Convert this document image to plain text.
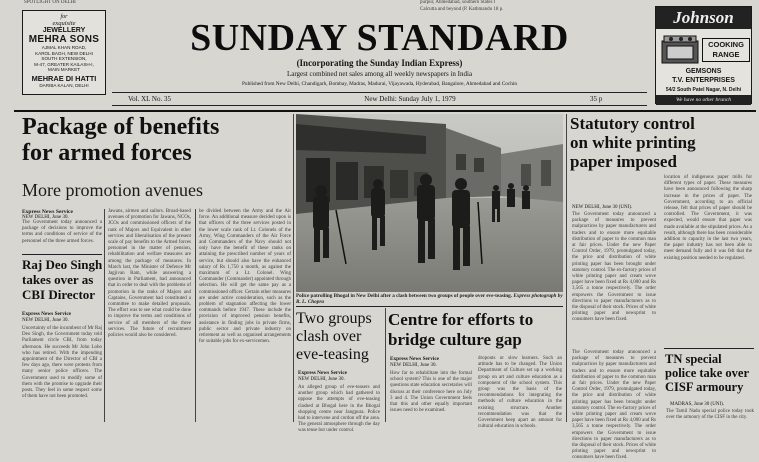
SPOTLIGHT ON DELHI	purpur, Ahmedabad, southern States t
Calcutta and beyond (P. Kathmandu 18 p.
for
exquisite
JEWELLERY
MEHRA SONS
AJMAL KHAN ROAD,
KAROL BAGH, NEW DELHI
SOUTH EXTENSION,
M-47, GREATER KAILASH-I,
MAIN MARKET
MEHRAE DI HATTI
DARIBA KALAN, DELHI
SUNDAY STANDARD
(Incorporating the Sunday Indian Express)
Largest combined net sales among all weekly newspapers in India
Published from New Delhi, Chandigarh, Bombay, Madras, Madurai, Vijayawada, Hyderabad, Bangalore, Ahmedabad and Cochin
Vol. XL No. 35	New Delhi: Sunday July 1, 1979	35 p
Johnson
COOKING
RANGE
GEMSONS
T.V. ENTERPRISES
54/2 South Patel Nagar, N. Delhi
We have no other branch
Package of benefits
for armed forces
More promotion avenues
Express News Service
NEW DELHI, June 30.
The Government today announced a package of decisions to improve the terms and conditions of service of the personnel of the three armed forces.
Jawans, airmen and sailors. Broad-based avenues of promotion for Jawans, NCOs, JCOs and commissioned officers of the rank of Majors and Equivalent in other services and liberalisation of the present scale of pay benefits to the Armed forces personnel in the matter of pension, rehabilitation and welfare measures are among the package of measures. In March last, the Minister of Defence Mr Jagjivan Ram, while answering a question in Parliament, had announced that in order to deal with the problems of promotion in the ranks of Majors and Captains, Government had constituted a committee to make detailed proposals. The effort was to see what could be done to improve the terms and conditions of service of all members of the three services. The future of recruitment policies would also be considered.
be divided between the Army and the Air force. An additional measure decided upon is that officers of the three services posted in the lower scale rank of Lt. Colonels of the Army, Wing Commanders of the Air Force and Commanders of the Navy should not only have the benefit of these ranks on attaining the prescribed number of years of service, but should also have the enhanced salary of Rs 1,750 a month, as against the maximum of a Lt. Colonel. Wing Commander (Commander) appointed through selection. He will get the same pay as a commissioned officer. Certain other measures are under active consideration, such as the problem of stagnation affecting the lower commands before 1947. These include the provision of improved pension benefits, assistance in finding jobs in private firms, public sector and private industry on retirement as well as organised arrangements for suitable jobs for ex-servicemen.
Raj Deo Singh
takes over as
CBI Director
Express News Service
NEW DELHI, June 30.
Uncertainty of the incumbent of Mr Raj Deo Singh, the Government today told Parliament circle CBI, from today afternoon. He succeeds Mr John Lobo who has retired. With the impending appointment of the Director of CBI a few days ago, there were protests from many senior police officers. The Government used to modify some of them with the promise to upgrade their posts. They feel in some respect some of them have not been promoted.
Police patrolling Bhogal in New Delhi after a clash between two groups of people over eve-teasing. Express photograph by R. L. Chopra
Two groups
clash over
eve-teasing
Express News Service
NEW DELHI, June 30.
An alleged group of eve-teasers and another group which had gathered to oppose the attempts of eve-teasing clashed at Bhogal here in the Bhogal shopping centre near Jangpura. Police had to intervene and cordon off the area. The general atmosphere through the day was tense but under control.
Centre for efforts to
bridge culture gap
Express News Service
NEW DELHI, June 30.
How far to rehabilitate into the formal school system? This is one of the major questions state education secretaries will discuss at their conference here on July 3 and 4. The Union Government feels that this and other equally important issues need to be examined.
dropouts or slow learners. Such an attitude has to be changed. The Union Department of Culture set up a working group on art and culture education as a component of the school system. This group was the basis of the recommendations for integrating the methods of culture education in the existing structure. Another recommendation was that the Government keep apart an amount for cultural education in schools.
Statutory control
on white printing
paper imposed
NEW DELHI, June 30 (UNI).
The Government today announced a package of measures to prevent malpractices by paper manufacturers and traders and to ensure more equitable distribution of paper to the common man at fair prices. Under the new Paper Control Order, 1979, promulgated today, the price and distribution of white printing paper has been brought under statutory control. The ex-factory prices of white printing paper and cream wove paper have been fixed at Rs 4,000 and Rs 3,565 a tonne respectively. The order empowers the Government to issue directions to paper manufacturers as to the disposal of their stock. Prices of white printing paper and newsprint to consumers have been fixed.
location of indigenous paper mills for different types of paper. These measures have been announced following the sharp increase in the prices of paper. The Government, according to an official release, felt that prices of paper should be controlled. The Government, it was expected, would ensure that paper was made available at the stipulated prices. As a result, although there has been considerable addition to capacity in the last two years, the paper industry has not been able to meet demand fully and it was felt that the existing position needed to be regulated.
TN special
police take over
CISF armoury
MADRAS, June 30 (UNI).
The Tamil Nadu special police today took over the armoury of the CISF in the city.
The Government today announced a package of measures to prevent malpractices by paper manufacturers and traders and to ensure more equitable distribution of paper to the common man at fair prices. Under the new Paper Control Order, 1979, promulgated today, the price and distribution of white printing paper has been brought under statutory control. The ex-factory prices of white printing paper and cream wove paper have been fixed at Rs 4,000 and Rs 3,565 a tonne respectively. The order empowers the Government to issue directions to paper manufacturers as to the disposal of their stock. Prices of white printing paper and newsprint to consumers have been fixed.
